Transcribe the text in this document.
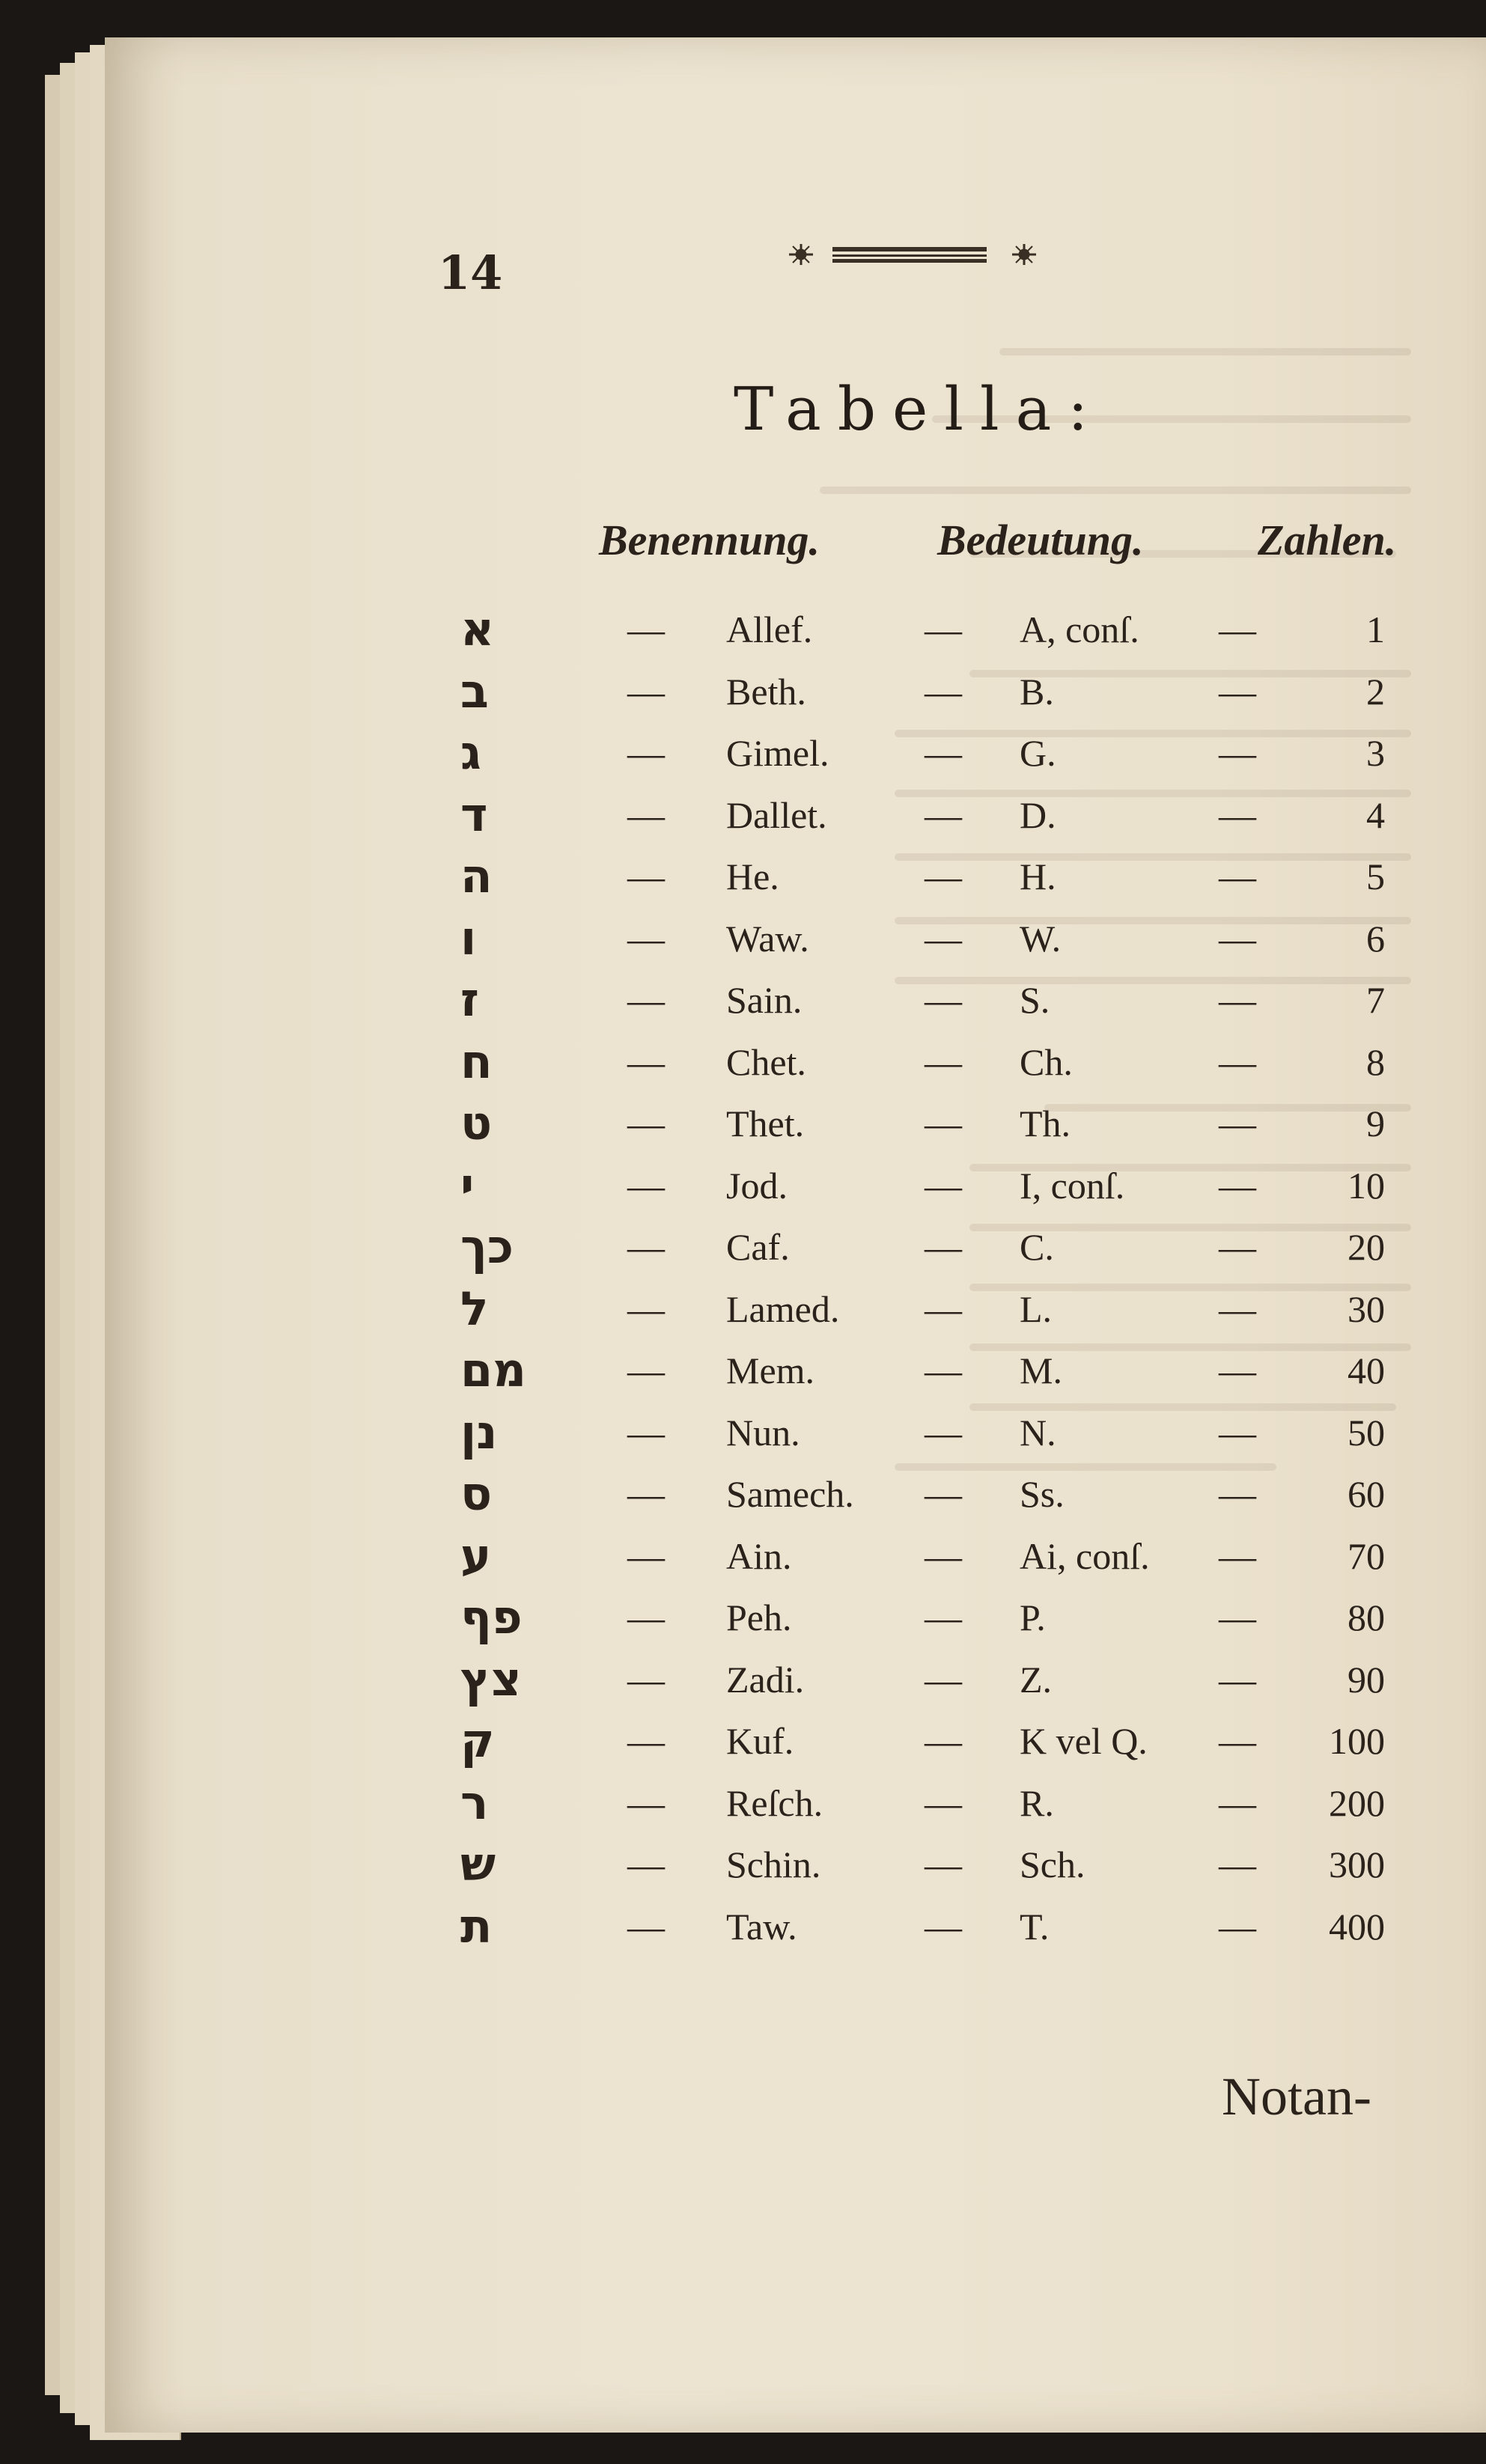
14
Tabella:
Benennung.	Bedeutung.	Zahlen.
א	— Allef.	— A, conſ. —	1
ב	— Beth.	— B.	—	2
ג	— Gimel.	— G.	—	3
ד	— Dallet.	— D.	—	4
ה	— He.	— H.	—	5
ו	— Waw.	— W.	—	6
ז	— Sain.	— S.	—	7
ח	— Chet.	— Ch.	—	8
ט	— Thet.	— Th.	—	9
י	— Jod.	— I, conſ.	—	10
כך	— Caf.	— C.	—	20
ל	— Lamed. — L.	—	30
מם	— Mem.	— M.	—	40
נן	— Nun.	— N.	—	50
ס	— Samech. — Ss.	—	60
ע	— Ain.	— Ai, conſ. —	70
פף	— Peh.	— P.	—	80
צץ	— Zadi.	— Z.	—	90
ק	— Kuf.	— K vel Q. —	100
ר	— Reſch.	— R.	—	200
ש	— Schin.	— Sch.	—	300
ת	— Taw.	— T.	—	400
Notan-
